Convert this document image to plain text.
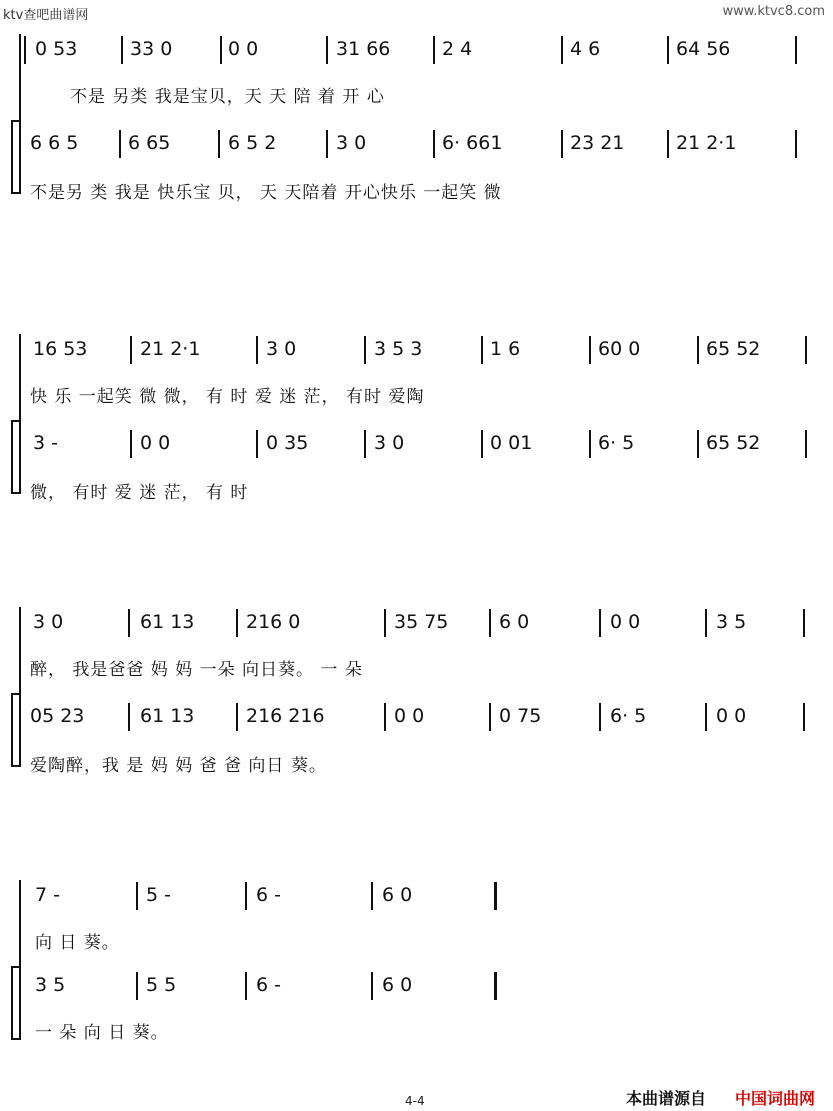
ktv查吧曲谱网	www.ktvc8.com
0 53	33 0	0 0	31 66	2 4	4 6	64 56
不是 另类 我是宝贝，天 天 陪 着 开 心
6 6 5	6 65	6 5 2	3 0	6· 661	23 21	21 2·1
不是另 类 我是 快乐宝 贝， 天 天陪着 开心快乐 一起笑 微
16 53	21 2·1	3 0	3 5 3	1 6	60 0	65 52
快 乐 一起笑 微 微， 有 时 爱 迷 茫， 有时 爱陶
3 -	0 0	0 35	3 0	0 01	6· 5	65 52
微， 有时 爱 迷 茫， 有 时
3 0	61 13	216 0	35 75	6 0	0 0	3 5
醉， 我是爸爸 妈 妈 一朵 向日葵。 一 朵
05 23	61 13	216 216	0 0	0 75	6· 5	0 0
爱陶醉，我 是 妈 妈 爸 爸 向日 葵。
7 -	5 -	6 -	6 0
向 日 葵。
3 5	5 5	6 -	6 0
一 朵 向 日 葵。
4-4	本曲谱源自 中国词曲网
